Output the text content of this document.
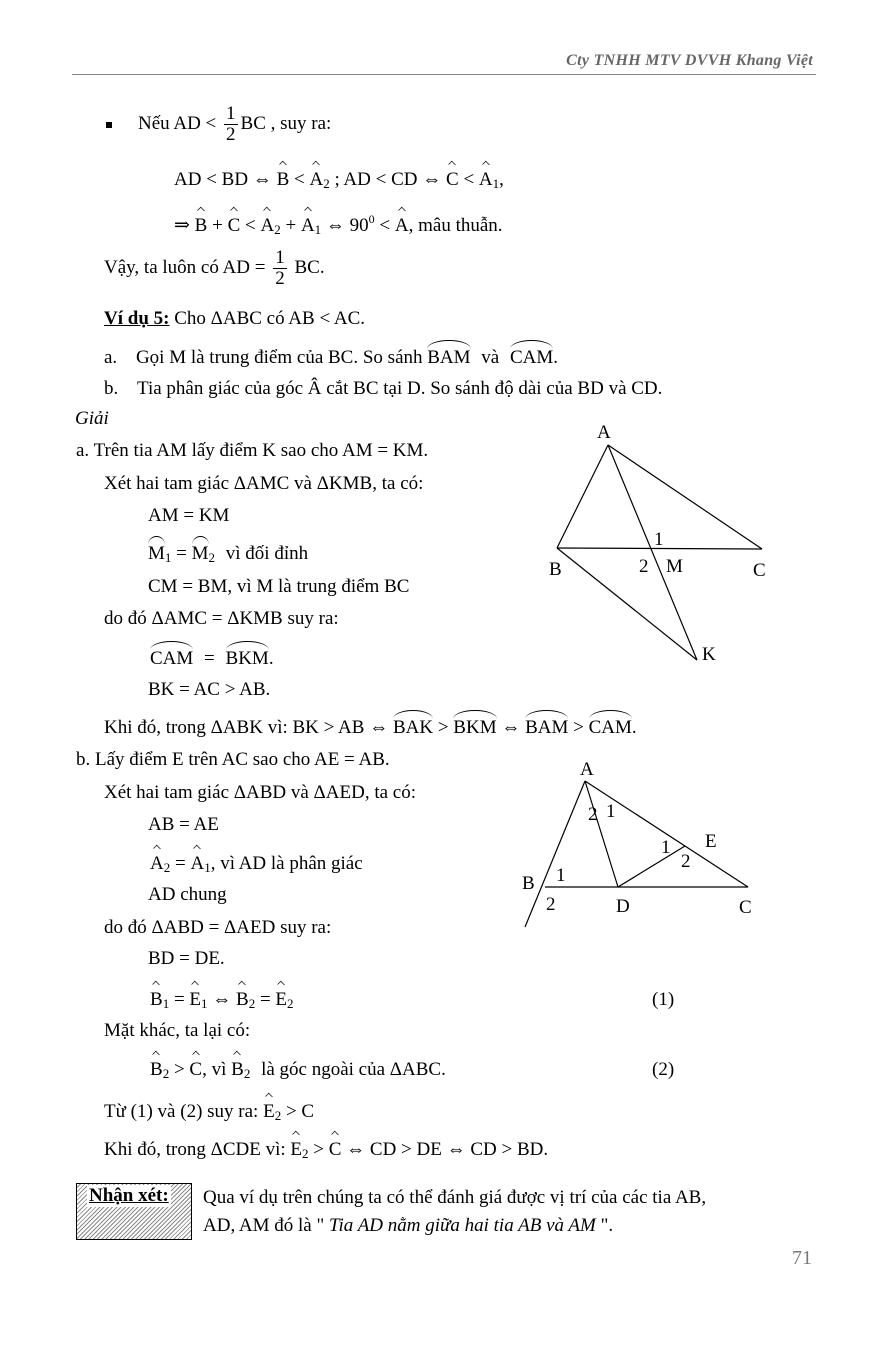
Cty TNHH MTV DVVH Khang Việt
Nếu AD < $\frac{1}{2}$ BC , suy ra:
AD < BD ⇔ $B < A_2$ ; AD < CD ⇔ $C < A_1$,
⇒ $B + C < A_2 + A_1$ ⇔ $90^0 < A$, mâu thuẫn.
Vậy, ta luôn có AD = $\frac{1}{2}$ BC.
Ví dụ 5: Cho ΔABC có AB < AC.
a. Gọi M là trung điểm của BC. So sánh BAM và CAM.
b. Tia phân giác của góc Â cắt BC tại D. So sánh độ dài của BD và CD.
Giải
a. Trên tia AM lấy điểm K sao cho AM = KM.
Xét hai tam giác ΔAMC và ΔKMB, ta có:
AM = KM
$M_1 = M_2$ vì đối đỉnh
CM = BM, vì M là trung điểm BC
do đó ΔAMC = ΔKMB suy ra:
CAM = BKM.
BK = AC > AB.
Khi đó, trong ΔABK vì: BK > AB ⇔ BAK > BKM ⇔ BAM > CAM.
b. Lấy điểm E trên AC sao cho AE = AB.
Xét hai tam giác ΔABD và ΔAED, ta có:
AB = AE
$A_2 = A_1$, vì AD là phân giác
AD chung
do đó ΔABD = ΔAED suy ra:
BD = DE.
$B_1 = E_1$ ⇔ $B_2 = E_2$	(1)
Mặt khác, ta lại có:
$B_2 > C$, vì $B_2$ là góc ngoài của ΔABC.	(2)
Từ (1) và (2) suy ra: $E_2 > C$
Khi đó, trong ΔCDE vì: $E_2 > C$ ⇔ CD > DE ⇔ CD > BD.
Nhận xét: Qua ví dụ trên chúng ta có thể đánh giá được vị trí của các tia AB,
AD, AM đó là " Tia AD nằm giữa hai tia AB và AM ".
71
A
B	C
M
K
1
2
A
B
C
D
E
2 1
1
2
1
2
